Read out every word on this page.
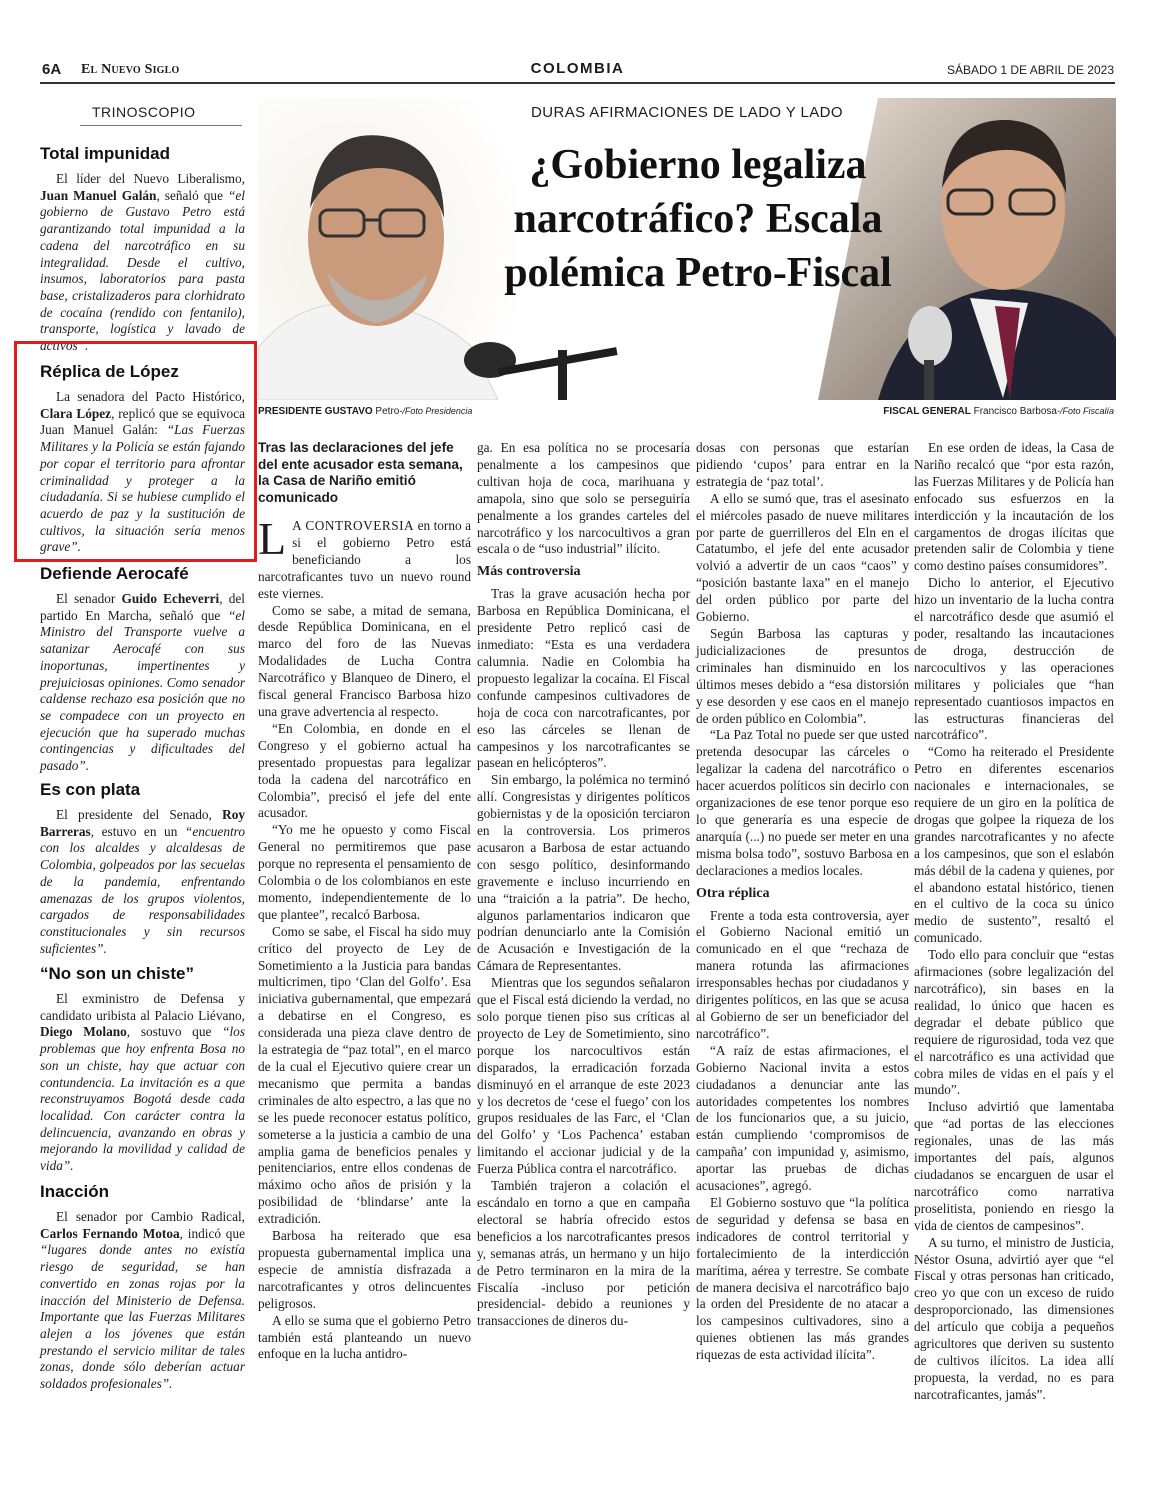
6A El Nuevo Siglo	COLOMBIA	SÁBADO 1 DE ABRIL DE 2023
TRINOSCOPIO
Total impunidad

El líder del Nuevo Liberalismo, Juan Manuel Galán, señaló que “el gobierno de Gustavo Petro está garantizando total impunidad a la cadena del narcotráfico en su integralidad. Desde el cultivo, insumos, laboratorios para pasta base, cristalizaderos para clorhidrato de cocaína (rendido con fentanilo), transporte, logística y lavado de activos”.

Réplica de López

La senadora del Pacto Histórico, Clara López, replicó que se equivoca Juan Manuel Galán: “Las Fuerzas Militares y la Policía se están fajando por copar el territorio para afrontar criminalidad y proteger a la ciudadanía. Si se hubiese cumplido el acuerdo de paz y la sustitución de cultivos, la situación sería menos grave”.

Defiende Aerocafé

El senador Guido Echeverri, del partido En Marcha, señaló que “el Ministro del Transporte vuelve a satanizar Aerocafé con sus inoportunas, impertinentes y prejuiciosas opiniones. Como senador caldense rechazo esa posición que no se compadece con un proyecto en ejecución que ha superado muchas contingencias y dificultades del pasado”.

Es con plata

El presidente del Senado, Roy Barreras, estuvo en un “encuentro con los alcaldes y alcaldesas de Colombia, golpeados por las secuelas de la pandemia, enfrentando amenazas de los grupos violentos, cargados de responsabilidades constitucionales y sin recursos suficientes”.

“No son un chiste”

El exministro de Defensa y candidato uribista al Palacio Liévano, Diego Molano, sostuvo que “los problemas que hoy enfrenta Bosa no son un chiste, hay que actuar con contundencia. La invitación es a que reconstruyamos Bogotá desde cada localidad. Con carácter contra la delincuencia, avanzando en obras y mejorando la movilidad y calidad de vida”.

Inacción

El senador por Cambio Radical, Carlos Fernando Motoa, indicó que “lugares donde antes no existía riesgo de seguridad, se han convertido en zonas rojas por la inacción del Ministerio de Defensa. Importante que las Fuerzas Militares alejen a los jóvenes que están prestando el servicio militar de tales zonas, donde sólo deberían actuar soldados profesionales”.

DURAS AFIRMACIONES DE LADO Y LADO
¿Gobierno legaliza narcotráfico? Escala polémica Petro-Fiscal
PRESIDENTE GUSTAVO Petro-/Foto Presidencia	FISCAL GENERAL Francisco Barbosa-/Foto Fiscalía

Tras las declaraciones del jefe del ente acusador esta semana, la Casa de Nariño emitió comunicado

L A CONTROVERSIA en torno a si el gobierno Petro está beneficiando a los narcotraficantes tuvo un nuevo round este viernes.

Como se sabe, a mitad de semana, desde República Dominicana, en el marco del foro de las Nuevas Modalidades de Lucha Contra Narcotráfico y Blanqueo de Dinero, el fiscal general Francisco Barbosa hizo una grave advertencia al respecto.

“En Colombia, en donde en el Congreso y el gobierno actual ha presentado propuestas para legalizar toda la cadena del narcotráfico en Colombia”, precisó el jefe del ente acusador.

“Yo me he opuesto y como Fiscal General no permitiremos que pase porque no representa el pensamiento de Colombia o de los colombianos en este momento, independientemente de lo que plantee”, recalcó Barbosa.

Como se sabe, el Fiscal ha sido muy crítico del proyecto de Ley de Sometimiento a la Justicia para bandas multicrimen, tipo ‘Clan del Golfo’. Esa iniciativa gubernamental, que empezará a debatirse en el Congreso, es considerada una pieza clave dentro de la estrategia de “paz total”, en el marco de la cual el Ejecutivo quiere crear un mecanismo que permita a bandas criminales de alto espectro, a las que no se les puede reconocer estatus político, someterse a la justicia a cambio de una amplia gama de beneficios penales y penitenciarios, entre ellos condenas de máximo ocho años de prisión y la posibilidad de ‘blindarse’ ante la extradición.

Barbosa ha reiterado que esa propuesta gubernamental implica una especie de amnistía disfrazada a narcotraficantes y otros delincuentes peligrosos.

A ello se suma que el gobierno Petro también está planteando un nuevo enfoque en la lucha antidro-

ga. En esa política no se procesaría penalmente a los campesinos que cultivan hoja de coca, marihuana y amapola, sino que solo se perseguiría penalmente a los grandes carteles del narcotráfico y los narcocultivos a gran escala o de “uso industrial” ilícito.

Más controversia

Tras la grave acusación hecha por Barbosa en República Dominicana, el presidente Petro replicó casi de inmediato: “Esta es una verdadera calumnia. Nadie en Colombia ha propuesto legalizar la cocaína. El Fiscal confunde campesinos cultivadores de hoja de coca con narcotraficantes, por eso las cárceles se llenan de campesinos y los narcotraficantes se pasean en helicópteros”.

Sin embargo, la polémica no terminó allí. Congresistas y dirigentes políticos gobiernistas y de la oposición terciaron en la controversia. Los primeros acusaron a Barbosa de estar actuando con sesgo político, desinformando gravemente e incluso incurriendo en una “traición a la patria”. De hecho, algunos parlamentarios indicaron que podrían denunciarlo ante la Comisión de Acusación e Investigación de la Cámara de Representantes.

Mientras que los segundos señalaron que el Fiscal está diciendo la verdad, no solo porque tienen piso sus críticas al proyecto de Ley de Sometimiento, sino porque los narcocultivos están disparados, la erradicación forzada disminuyó en el arranque de este 2023 y los decretos de ‘cese el fuego’ con los grupos residuales de las Farc, el ‘Clan del Golfo’ y ‘Los Pachenca’ estaban limitando el accionar judicial y de la Fuerza Pública contra el narcotráfico.

También trajeron a colación el escándalo en torno a que en campaña electoral se habría ofrecido estos beneficios a los narcotraficantes presos y, semanas atrás, un hermano y un hijo de Petro terminaron en la mira de la Fiscalía -incluso por petición presidencial- debido a reuniones y transacciones de dineros du-

dosas con personas que estarían pidiendo ‘cupos’ para entrar en la estrategia de ‘paz total’.

A ello se sumó que, tras el asesinato el miércoles pasado de nueve militares por parte de guerrilleros del Eln en el Catatumbo, el jefe del ente acusador volvió a advertir de un caos “caos” y “posición bastante laxa” en el manejo del orden público por parte del Gobierno.

Según Barbosa las capturas y judicializaciones de presuntos criminales han disminuido en los últimos meses debido a “esa distorsión y ese desorden y ese caos en el manejo de orden público en Colombia”.

“La Paz Total no puede ser que usted pretenda desocupar las cárceles o legalizar la cadena del narcotráfico o hacer acuerdos políticos sin decirlo con organizaciones de ese tenor porque eso lo que generaría es una especie de anarquía (...) no puede ser meter en una misma bolsa todo”, sostuvo Barbosa en declaraciones a medios locales.

Otra réplica

Frente a toda esta controversia, ayer el Gobierno Nacional emitió un comunicado en el que “rechaza de manera rotunda las afirmaciones irresponsables hechas por ciudadanos y dirigentes políticos, en las que se acusa al Gobierno de ser un beneficiador del narcotráfico”.

“A raíz de estas afirmaciones, el Gobierno Nacional invita a estos ciudadanos a denunciar ante las autoridades competentes los nombres de los funcionarios que, a su juicio, están cumpliendo ‘compromisos de campaña’ con impunidad y, asimismo, aportar las pruebas de dichas acusaciones”, agregó.

El Gobierno sostuvo que “la política de seguridad y defensa se basa en indicadores de control territorial y fortalecimiento de la interdicción marítima, aérea y terrestre. Se combate de manera decisiva el narcotráfico bajo la orden del Presidente de no atacar a los campesinos cultivadores, sino a quienes obtienen las más grandes riquezas de esta actividad ilícita”.

En ese orden de ideas, la Casa de Nariño recalcó que “por esta razón, las Fuerzas Militares y de Policía han enfocado sus esfuerzos en la interdicción y la incautación de los cargamentos de drogas ilícitas que pretenden salir de Colombia y tiene como destino países consumidores”.

Dicho lo anterior, el Ejecutivo hizo un inventario de la lucha contra el narcotráfico desde que asumió el poder, resaltando las incautaciones de droga, destrucción de narcocultivos y las operaciones militares y policiales que “han representado cuantiosos impactos en las estructuras financieras del narcotráfico”.

“Como ha reiterado el Presidente Petro en diferentes escenarios nacionales e internacionales, se requiere de un giro en la política de drogas que golpee la riqueza de los grandes narcotraficantes y no afecte a los campesinos, que son el eslabón más débil de la cadena y quienes, por el abandono estatal histórico, tienen en el cultivo de la coca su único medio de sustento”, resaltó el comunicado.

Todo ello para concluir que “estas afirmaciones (sobre legalización del narcotráfico), sin bases en la realidad, lo único que hacen es degradar el debate público que requiere de rigurosidad, toda vez que el narcotráfico es una actividad que cobra miles de vidas en el país y el mundo”.

Incluso advirtió que lamentaba que “ad portas de las elecciones regionales, unas de las más importantes del país, algunos ciudadanos se encarguen de usar el narcotráfico como narrativa proselitista, poniendo en riesgo la vida de cientos de campesinos”.

A su turno, el ministro de Justicia, Néstor Osuna, advirtió ayer que “el Fiscal y otras personas han criticado, creo yo que con un exceso de ruido desproporcionado, las dimensiones del artículo que cobija a pequeños agricultores que deriven su sustento de cultivos ilícitos. La idea allí propuesta, la verdad, no es para narcotraficantes, jamás”.
